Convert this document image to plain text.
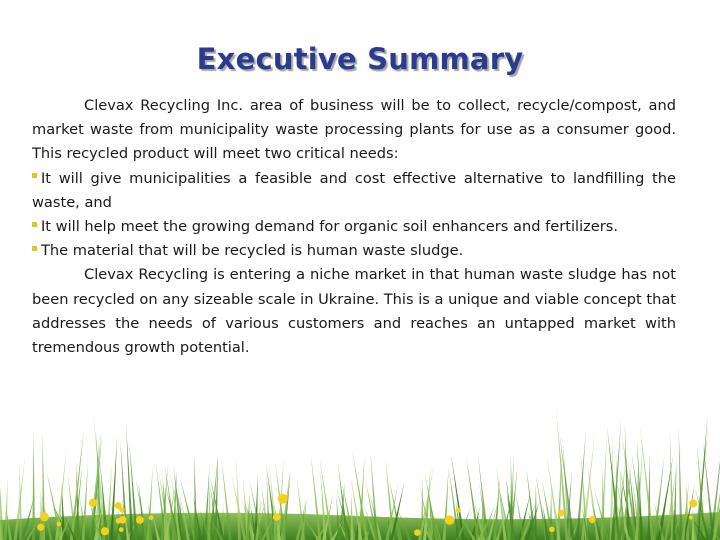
Executive Summary

Clevax Recycling Inc. area of business will be to collect, recycle/compost, and market waste from municipality waste processing plants for use as a consumer good. This recycled product will meet two critical needs:

It will give municipalities a feasible and cost effective alternative to landfilling the waste, and

It will help meet the growing demand for organic soil enhancers and fertilizers.

The material that will be recycled is human waste sludge.

Clevax Recycling is entering a niche market in that human waste sludge has not been recycled on any sizeable scale in Ukraine. This is a unique and viable concept that addresses the needs of various customers and reaches an untapped market with tremendous growth potential.
